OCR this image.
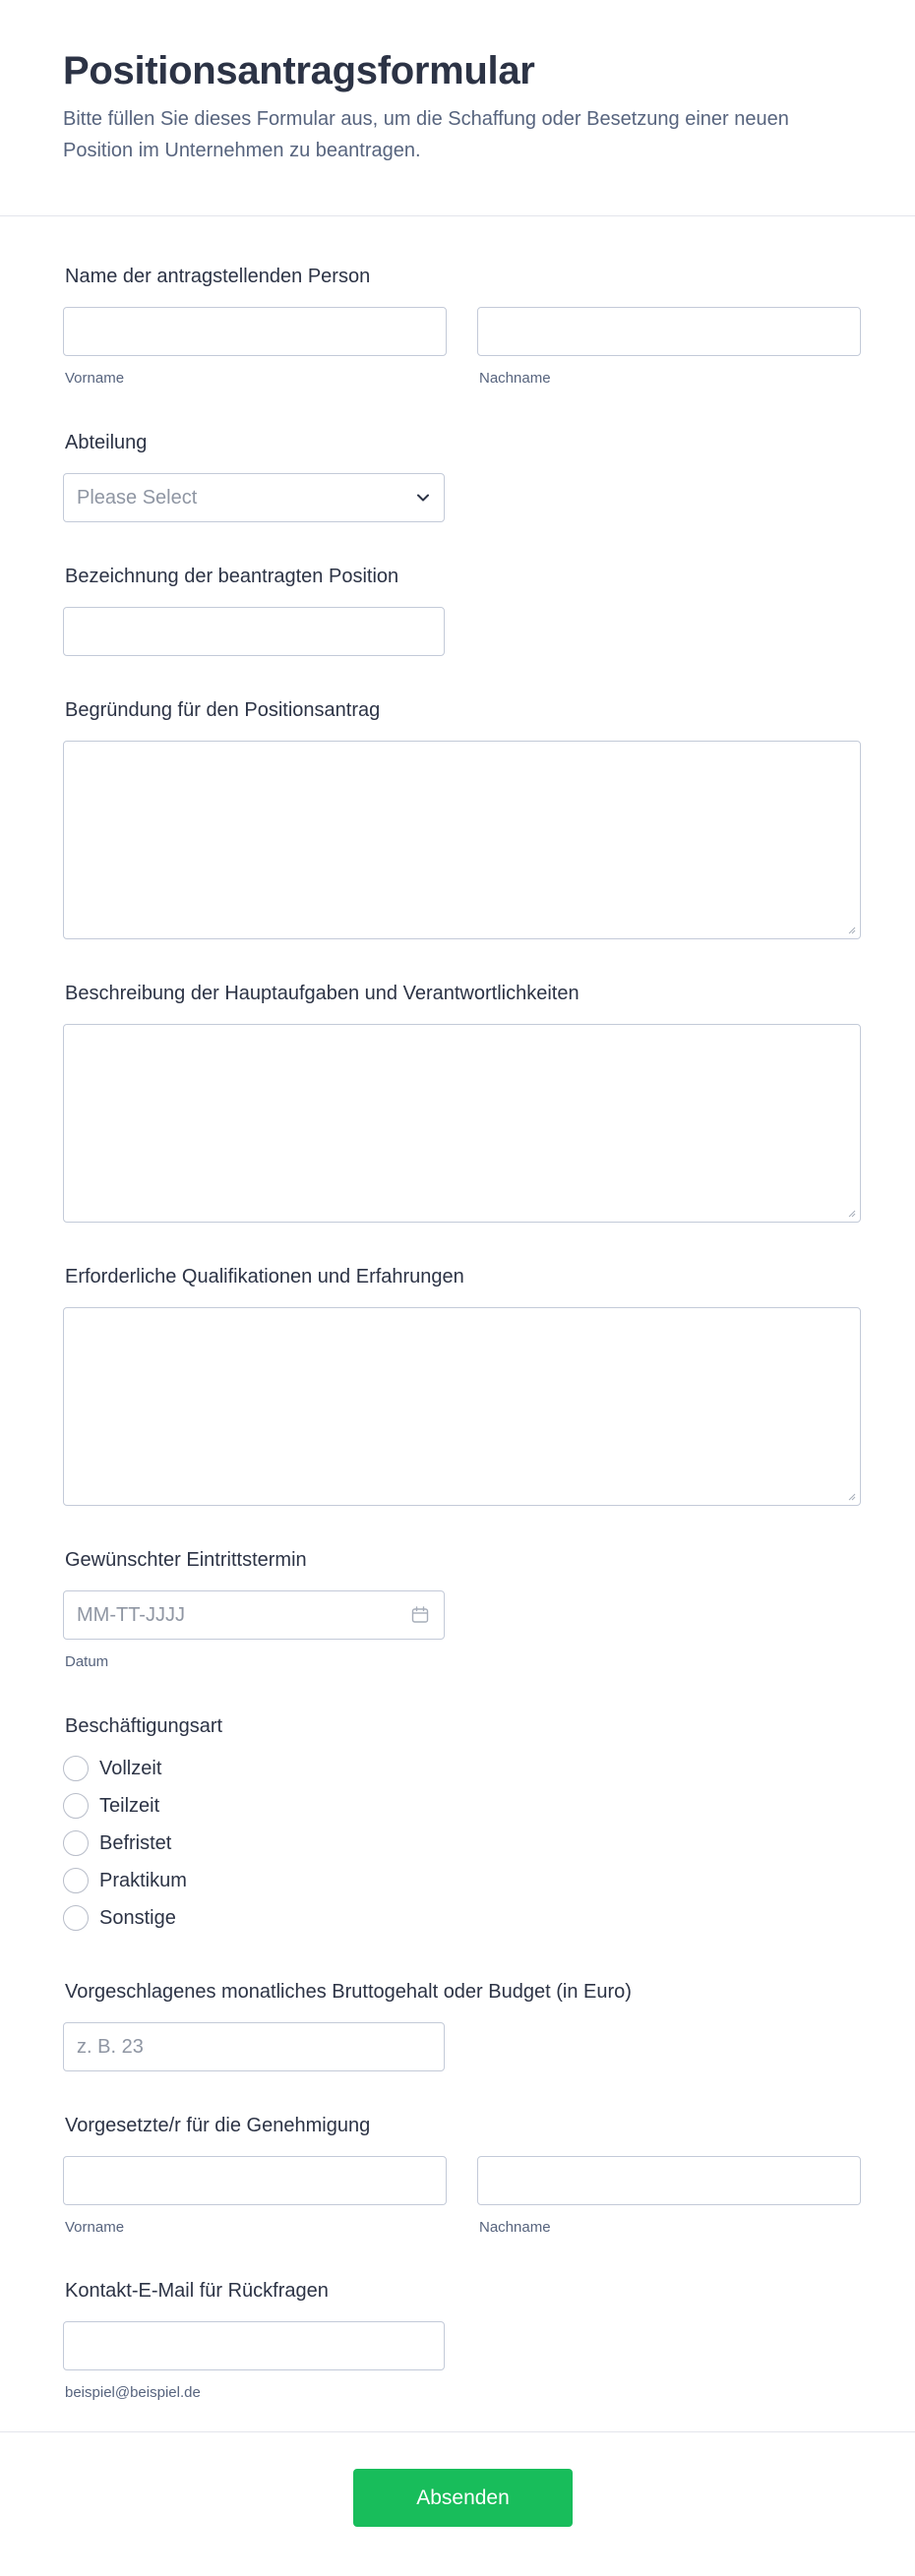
Positionsantragsformular

Bitte füllen Sie dieses Formular aus, um die Schaffung oder Besetzung einer neuen Position im Unternehmen zu beantragen.

Name der antragstellenden Person
Vorname	Nachname
Abteilung
Please Select
Bezeichnung der beantragten Position
Begründung für den Positionsantrag
Beschreibung der Hauptaufgaben und Verantwortlichkeiten
Erforderliche Qualifikationen und Erfahrungen
Gewünschter Eintrittstermin
MM-TT-JJJJ
Datum
Beschäftigungsart
Vollzeit
Teilzeit
Befristet
Praktikum
Sonstige
Vorgeschlagenes monatliches Bruttogehalt oder Budget (in Euro)
z. B. 23
Vorgesetzte/r für die Genehmigung
Vorname	Nachname
Kontakt-E-Mail für Rückfragen
beispiel@beispiel.de
Absenden
